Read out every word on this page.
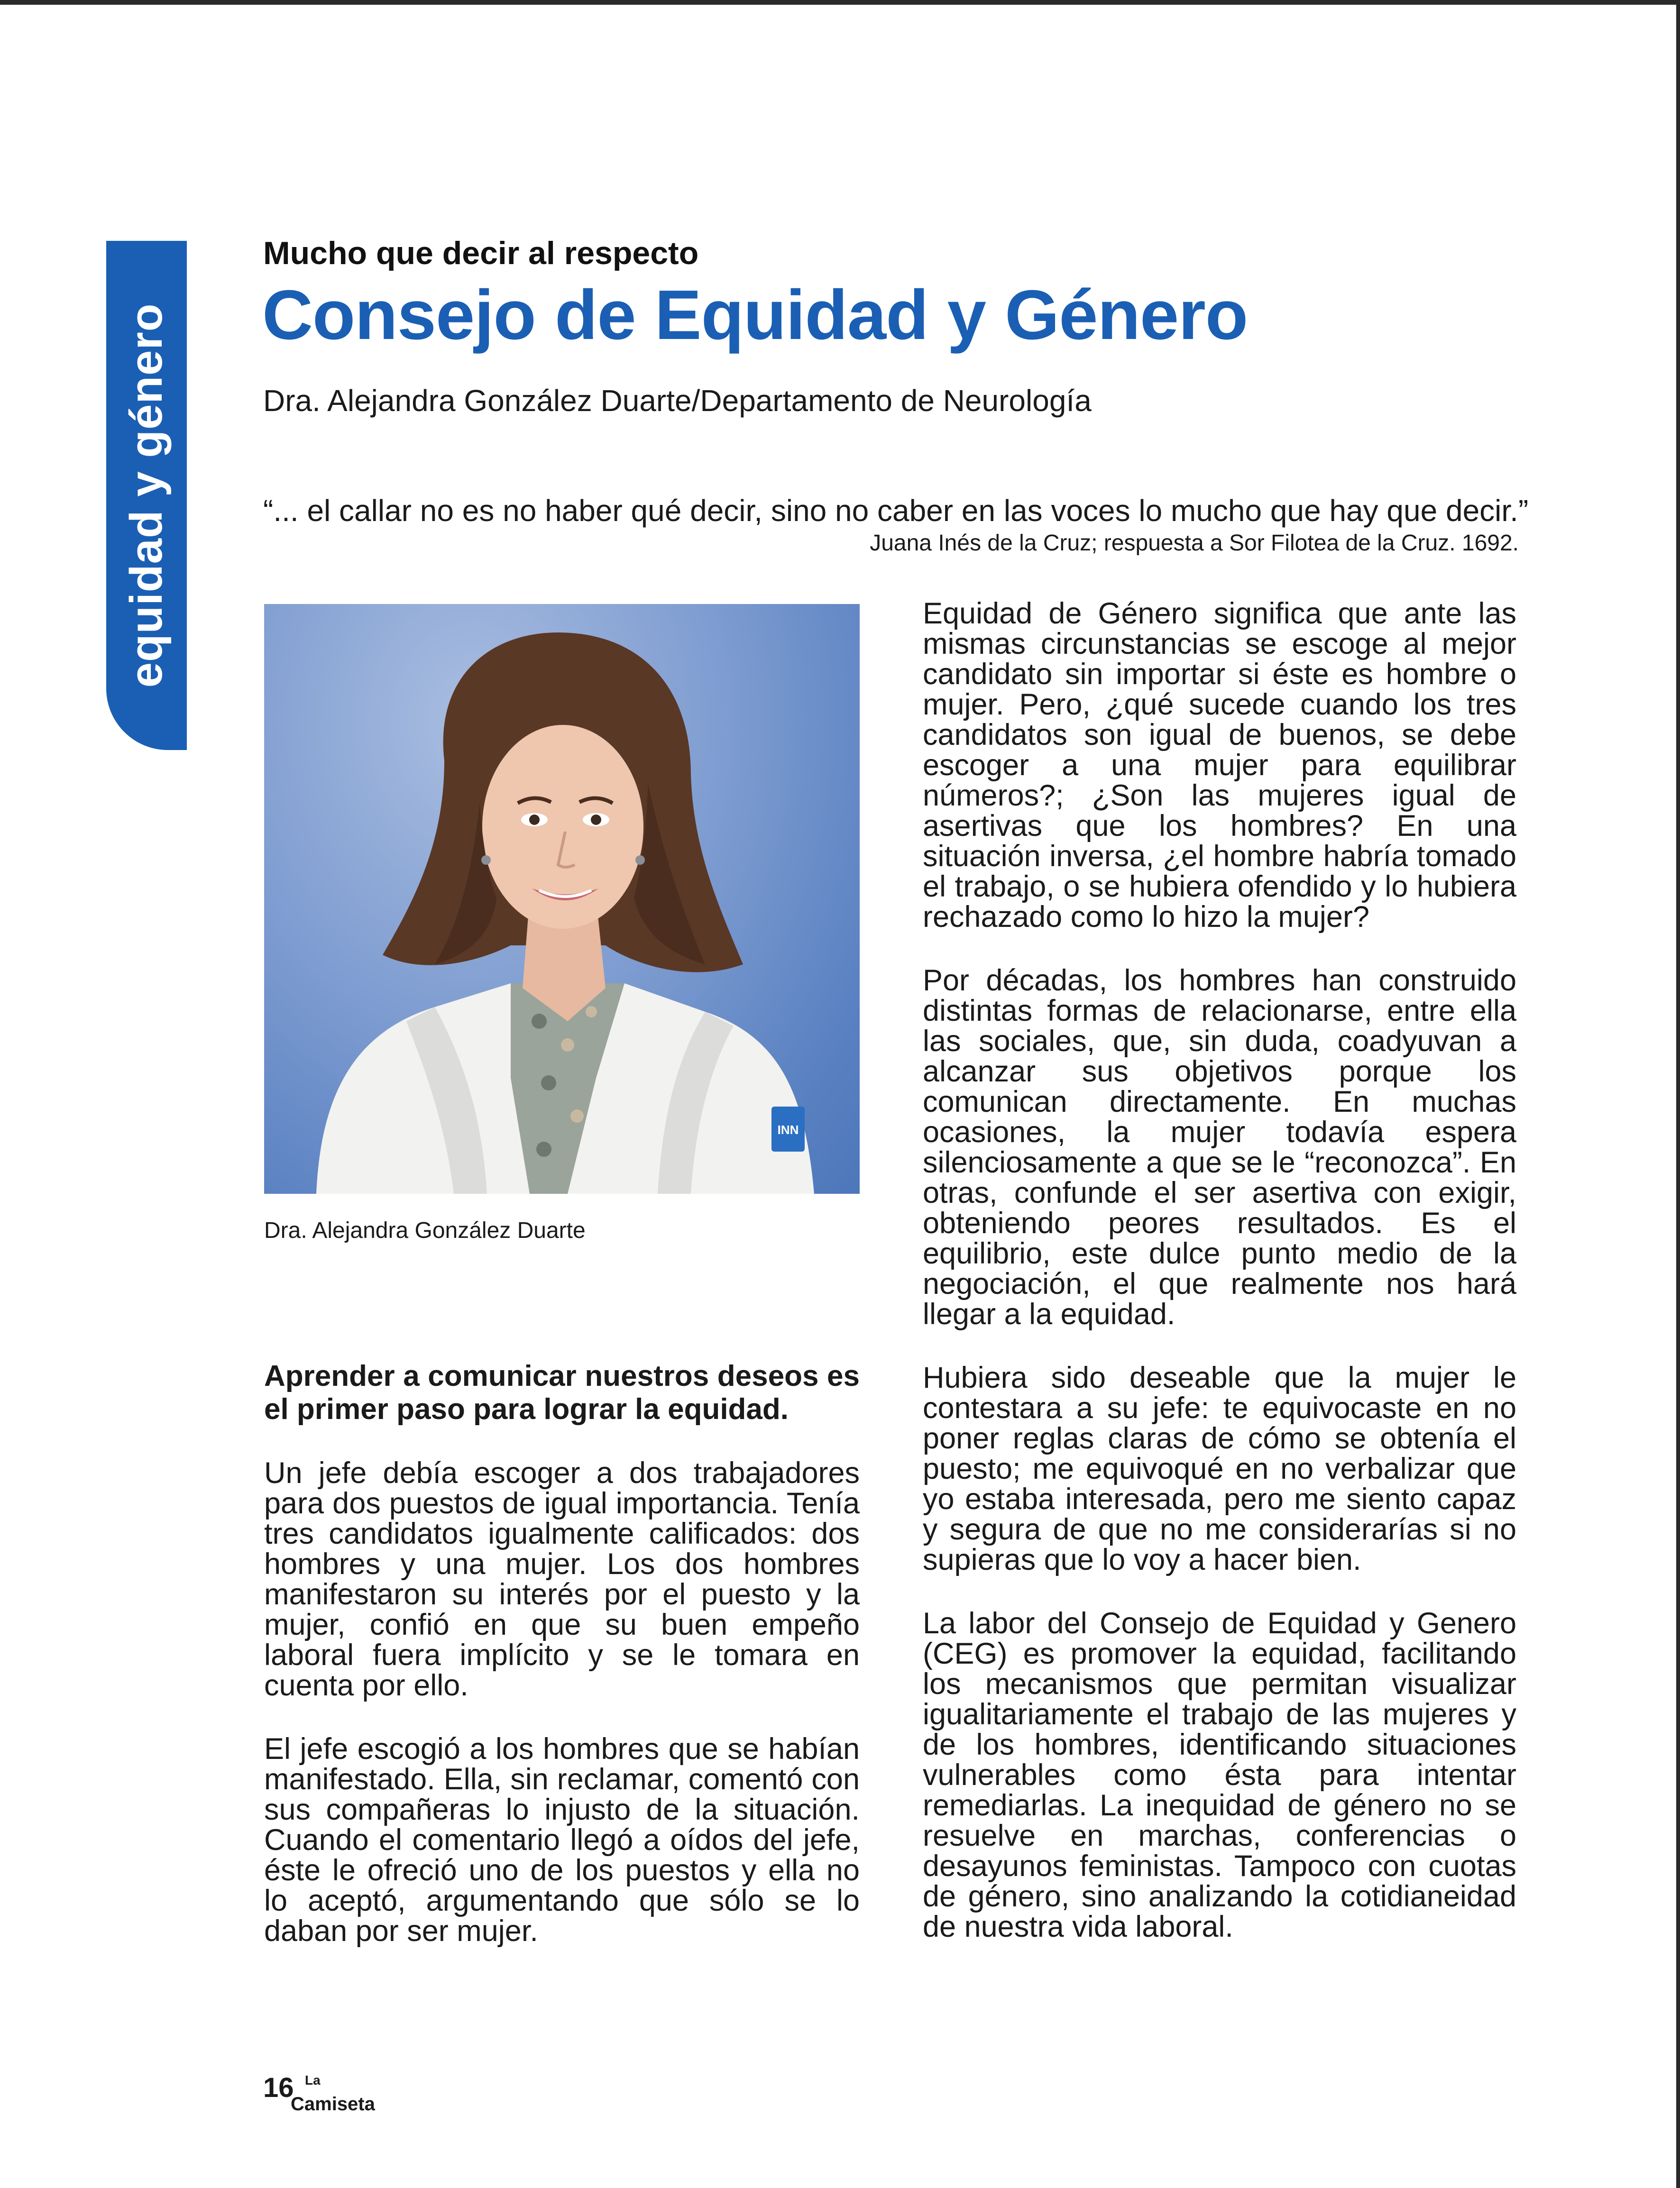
equidad y género
Mucho que decir al respecto
Consejo de Equidad y Género
Dra. Alejandra González Duarte/Departamento de Neurología
“... el callar no es no haber qué decir, sino no caber en las voces lo mucho que hay que decir.”
Juana Inés de la Cruz; respuesta a Sor Filotea de la Cruz. 1692.
INN
Dra. Alejandra González Duarte
Aprender a comunicar nuestros deseos es el primer paso para lograr la equidad.

Un jefe debía escoger a dos trabajadores para dos puestos de igual importancia. Tenía tres candidatos igualmente calificados: dos hombres y una mujer. Los dos hombres manifestaron su interés por el puesto y la mujer, confió en que su buen empeño laboral fuera implícito y se le tomara en cuenta por ello.

El jefe escogió a los hombres que se habían manifestado. Ella, sin reclamar, comentó con sus compañeras lo injusto de la situación. Cuando el comentario llegó a oídos del jefe, éste le ofreció uno de los puestos y ella no lo aceptó, argumentando que sólo se lo daban por ser mujer.

Equidad de Género significa que ante las mismas circunstancias se escoge al mejor candidato sin importar si éste es hombre o mujer. Pero, ¿qué sucede cuando los tres candidatos son igual de buenos, se debe escoger a una mujer para equilibrar números?; ¿Son las mujeres igual de asertivas que los hombres? En una situación inversa, ¿el hombre habría tomado el trabajo, o se hubiera ofendido y lo hubiera rechazado como lo hizo la mujer?

Por décadas, los hombres han construido distintas formas de relacionarse, entre ella las sociales, que, sin duda, coadyuvan a alcanzar sus objetivos porque los comunican directamente. En muchas ocasiones, la mujer todavía espera silenciosamente a que se le “reconozca”. En otras, confunde el ser asertiva con exigir, obteniendo peores resultados. Es el equilibrio, este dulce punto medio de la negociación, el que realmente nos hará llegar a la equidad.

Hubiera sido deseable que la mujer le contestara a su jefe: te equivocaste en no poner reglas claras de cómo se obtenía el puesto; me equivoqué en no verbalizar que yo estaba interesada, pero me siento capaz y segura de que no me considerarías si no supieras que lo voy a hacer bien.

La labor del Consejo de Equidad y Genero (CEG) es promover la equidad, facilitando los mecanismos que permitan visualizar igualitariamente el trabajo de las mujeres y de los hombres, identificando situaciones vulnerables como ésta para intentar remediarlas. La inequidad de género no se resuelve en marchas, conferencias o desayunos feministas. Tampoco con cuotas de género, sino analizando la cotidianeidad de nuestra vida laboral.

16 La
Camiseta
